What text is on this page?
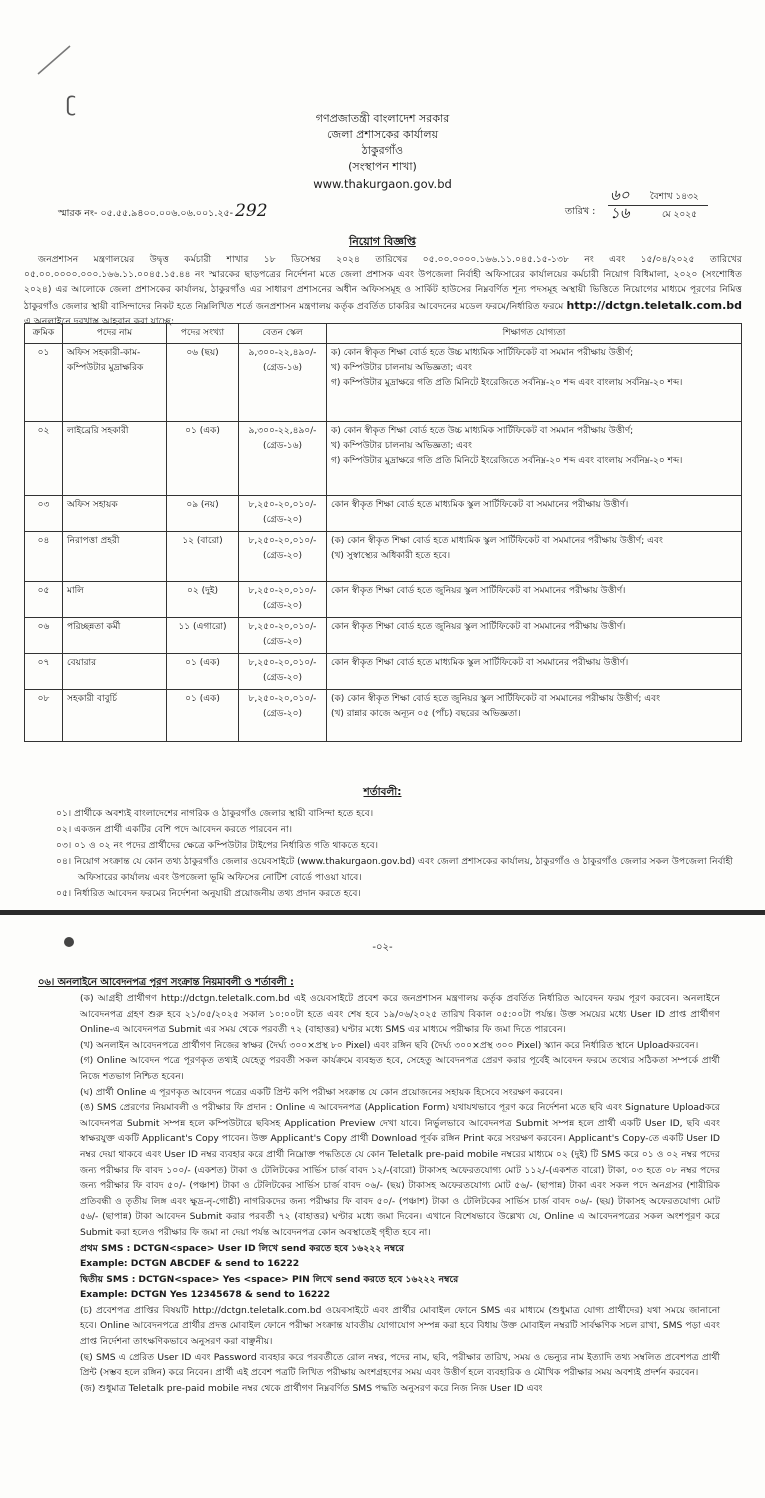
ʗ
গণপ্রজাতন্ত্রী বাংলাদেশ সরকার
জেলা প্রশাসকের কার্যালয়
ঠাকুরগাঁও
(সংস্থাপন শাখা)
www.thakurgaon.gov.bd
স্মারক নং- ০৫.৫৫.৯৪০০.০০৬.০৬.০০১.২৫- 292	তারিখ :
৬০
১৬
বৈশাখ ১৪৩২
মে ২০২৫
নিয়োগ বিজ্ঞপ্তি
জনপ্রশাসন মন্ত্রণালয়ের উদ্বৃত্ত কর্মচারী শাখার ১৮ ডিসেম্বর ২০২৪ তারিখের ০৫.০০.০০০০.১৬৬.১১.০৪৫.১৫-১৩৮ নং এবং ১৫/০৪/২০২৫ তারিখের ০৫.০০.০০০০.০০০.১৬৬.১১.০০৪৫.১৫.৪৪ নং স্মারকের ছাড়পত্রের নির্দেশনা মতে জেলা প্রশাসক এবং উপজেলা নির্বাহী অফিসারের কার্যালয়ের কর্মচারী নিয়োগ বিধিমালা, ২০২০ (সংশোধিত ২০২৪) এর আলোকে জেলা প্রশাসকের কার্যালয়, ঠাকুরগাঁও এর সাধারণ প্রশাসনের অধীন অফিসসমূহ ও সার্কিট হাউসের নিম্নবর্ণিত শূন্য পদসমূহ অস্থায়ী ভিত্তিতে নিয়োগের মাধ্যমে পূরণের নিমিত্ত ঠাকুরগাঁও জেলার স্থায়ী বাসিন্দাদের নিকট হতে নিম্নলিখিত শর্তে জনপ্রশাসন মন্ত্রণালয় কর্তৃক প্রবর্তিত চাকরির আবেদনের মডেল ফরমে/নির্ধারিত ফরমে http://dctgn.teletalk.com.bd এ অনলাইনে দরখাস্ত আহবান করা যাচ্ছে:
ক্রমিক	পদের নাম	পদের সংখ্যা	বেতন স্কেল	শিক্ষাগত যোগ্যতা
০১	অফিস সহকারী-কাম-কম্পিউটার মুদ্রাক্ষরিক	০৬ (ছয়)	৯,৩০০-২২,৪৯০/- (গ্রেড-১৬)	ক) কোন স্বীকৃত শিক্ষা বোর্ড হতে উচ্চ মাধ্যমিক সার্টিফিকেট বা সমমান পরীক্ষায় উত্তীর্ণ;
খ) কম্পিউটার চালনায় অভিজ্ঞতা; এবং
গ) কম্পিউটার মুদ্রাক্ষরে গতি প্রতি মিনিটে ইংরেজিতে সর্বনিম্ন-২০ শব্দ এবং বাংলায় সর্বনিম্ন-২০ শব্দ।

০২	লাইব্রেরি সহকারী	০১ (এক)	৯,৩০০-২২,৪৯০/- (গ্রেড-১৬)	ক) কোন স্বীকৃত শিক্ষা বোর্ড হতে উচ্চ মাধ্যমিক সার্টিফিকেট বা সমমান পরীক্ষায় উত্তীর্ণ;
খ) কম্পিউটার চালনায় অভিজ্ঞতা; এবং
গ) কম্পিউটার মুদ্রাক্ষরে গতি প্রতি মিনিটে ইংরেজিতে সর্বনিম্ন-২০ শব্দ এবং বাংলায় সর্বনিম্ন-২০ শব্দ।

০৩	অফিস সহায়ক	০৯ (নয়)	৮,২৫০-২০,০১০/- (গ্রেড-২০)	কোন স্বীকৃত শিক্ষা বোর্ড হতে মাধ্যমিক স্কুল সার্টিফিকেট বা সমমানের পরীক্ষায় উত্তীর্ণ।
০৪	নিরাপত্তা প্রহরী	১২ (বারো)	৮,২৫০-২০,০১০/- (গ্রেড-২০)	(ক) কোন স্বীকৃত শিক্ষা বোর্ড হতে মাধ্যমিক স্কুল সার্টিফিকেট বা সমমানের পরীক্ষায় উত্তীর্ণ; এবং
(খ) সুস্বাস্থ্যের অধিকারী হতে হবে।

০৫	মালি	০২ (দুই)	৮,২৫০-২০,০১০/- (গ্রেড-২০)	কোন স্বীকৃত শিক্ষা বোর্ড হতে জুনিয়র স্কুল সার্টিফিকেট বা সমমানের পরীক্ষায় উত্তীর্ণ।
০৬	পরিচ্ছন্নতা কর্মী	১১ (এগারো)	৮,২৫০-২০,০১০/- (গ্রেড-২০)	কোন স্বীকৃত শিক্ষা বোর্ড হতে জুনিয়র স্কুল সার্টিফিকেট বা সমমানের পরীক্ষায় উত্তীর্ণ।
০৭	বেয়ারার	০১ (এক)	৮,২৫০-২০,০১০/- (গ্রেড-২০)	কোন স্বীকৃত শিক্ষা বোর্ড হতে মাধ্যমিক স্কুল সার্টিফিকেট বা সমমানের পরীক্ষায় উত্তীর্ণ।
০৮	সহকারী বাবুর্চি	০১ (এক)	৮,২৫০-২০,০১০/- (গ্রেড-২০)	(ক) কোন স্বীকৃত শিক্ষা বোর্ড হতে জুনিয়র স্কুল সার্টিফিকেট বা সমমানের পরীক্ষায় উত্তীর্ণ; এবং
(খ) রান্নার কাজে অন্যূন ০৫ (পাঁচ) বছরের অভিজ্ঞতা।
শর্তাবলী:
০১। প্রার্থীকে অবশ্যই বাংলাদেশের নাগরিক ও ঠাকুরগাঁও জেলার স্থায়ী বাসিন্দা হতে হবে।
০২। একজন প্রার্থী একটির বেশি পদে আবেদন করতে পারবেন না।
০৩। ০১ ও ০২ নং পদের প্রার্থীদের ক্ষেত্রে কম্পিউটার টাইপের নির্ধারিত গতি থাকতে হবে।
০৪। নিয়োগ সংক্রান্ত যে কোন তথ্য ঠাকুরগাঁও জেলার ওয়েবসাইটে (www.thakurgaon.gov.bd) এবং জেলা প্রশাসকের কার্যালয়, ঠাকুরগাঁও ও ঠাকুরগাঁও জেলার সকল উপজেলা নির্বাহী অফিসারের কার্যালয় এবং উপজেলা ভূমি অফিসের নোটিশ বোর্ডে পাওয়া যাবে।
০৫। নির্ধারিত আবেদন ফরমের নির্দেশনা অনুযায়ী প্রয়োজনীয় তথ্য প্রদান করতে হবে।
-০২-
০৬। অনলাইনে আবেদনপত্র পূরণ সংক্রান্ত নিয়মাবলী ও শর্তাবলী :
(ক) আগ্রহী প্রার্থীগণ http://dctgn.teletalk.com.bd এই ওয়েবসাইটে প্রবেশ করে জনপ্রশাসন মন্ত্রণালয় কর্তৃক প্রবর্তিত নির্ধারিত আবেদন ফরম পূরণ করবেন। অনলাইনে আবেদনপত্র গ্রহণ শুরু হবে ২১/০৫/২০২৫ সকাল ১০:০০টা হতে এবং শেষ হবে ১৯/০৬/২০২৫ তারিখ বিকাল ০৫:০০টা পর্যন্ত। উক্ত সময়ের মধ্যে User ID প্রাপ্ত প্রার্থীগণ Online-এ আবেদনপত্র Submit এর সময় থেকে পরবর্তী ৭২ (বাহাত্তর) ঘণ্টার মধ্যে SMS এর মাধ্যমে পরীক্ষার ফি জমা দিতে পারবেন।
(খ) অনলাইন আবেদনপত্রে প্রার্থীগণ নিজের স্বাক্ষর (দৈর্ঘ্য ৩০০×প্রস্থ ৮০ Pixel) এবং রঙ্গিন ছবি (দৈর্ঘ্য ৩০০×প্রস্থ ৩০০ Pixel) স্ক্যান করে নির্ধারিত স্থানে Uploadকরবেন।
(গ) Online আবেদন পত্রে পূরণকৃত তথ্যই যেহেতু পরবর্তী সকল কার্যক্রমে ব্যবহৃত হবে, সেহেতু আবেদনপত্র প্রেরণ করার পূর্বেই আবেদন ফরমে তথ্যের সঠিকতা সম্পর্কে প্রার্থী নিজে শতভাগ নিশ্চিত হবেন।
(ঘ) প্রার্থী Online এ পূরণকৃত আবেদন পত্রের একটি প্রিন্ট কপি পরীক্ষা সংক্রান্ত যে কোন প্রয়োজনের সহায়ক হিসেবে সংরক্ষণ করবেন।
(ঙ) SMS প্রেরণের নিয়মাবলী ও পরীক্ষার ফি প্রদান : Online এ আবেদনপত্র (Application Form) যথাযথভাবে পূরণ করে নির্দেশনা মতে ছবি এবং Signature Uploadকরে আবেদনপত্র Submit সম্পন্ন হলে কম্পিউটারে ছবিসহ Application Preview দেখা যাবে। নির্ভুলভাবে আবেদনপত্র Submit সম্পন্ন হলে প্রার্থী একটি User ID, ছবি এবং স্বাক্ষরযুক্ত একটি Applicant's Copy পাবেন। উক্ত Applicant's Copy প্রার্থী Download পূর্বক রঙ্গিন Print করে সংরক্ষণ করবেন। Applicant's Copy-তে একটি User ID নম্বর দেয়া থাকবে এবং User ID নম্বর ব্যবহার করে প্রার্থী নিম্নোক্ত পদ্ধতিতে যে কোন Teletalk pre-paid mobile নম্বরের মাধ্যমে ০২ (দুই) টি SMS করে ০১ ও ০২ নম্বর পদের জন্য পরীক্ষার ফি বাবদ ১০০/- (একশত) টাকা ও টেলিটকের সার্ভিস চার্জ বাবদ ১২/-(বারো) টাকাসহ অফেরতযোগ্য মোট ১১২/-(একশত বারো) টাকা, ০৩ হতে ০৮ নম্বর পদের জন্য পরীক্ষার ফি বাবদ ৫০/- (পঞ্চাশ) টাকা ও টেলিটকের সার্ভিস চার্জ বাবদ ০৬/- (ছয়) টাকাসহ অফেরতযোগ্য মোট ৫৬/- (ছাপান্ন) টাকা এবং সকল পদে অনগ্রসর (শারীরিক প্রতিবন্ধী ও তৃতীয় লিঙ্গ এবং ক্ষুদ্র-নৃ-গোষ্ঠী) নাগরিকদের জন্য পরীক্ষার ফি বাবদ ৫০/- (পঞ্চাশ) টাকা ও টেলিটকের সার্ভিস চার্জ বাবদ ০৬/- (ছয়) টাকাসহ অফেরতযোগ্য মোট ৫৬/- (ছাপান্ন) টাকা আবেদন Submit করার পরবর্তী ৭২ (বাহাত্তর) ঘণ্টার মধ্যে জমা দিবেন। এখানে বিশেষভাবে উল্লেখ্য যে, Online এ আবেদনপত্রের সকল অংশপূরণ করে Submit করা হলেও পরীক্ষার ফি জমা না দেয়া পর্যন্ত আবেদনপত্র কোন অবস্থাতেই গৃহীত হবে না।
প্রথম SMS : DCTGN<space> User ID লিখে send করতে হবে ১৬২২২ নম্বরে
Example: DCTGN ABCDEF & send to 16222
দ্বিতীয় SMS : DCTGN<space> Yes <space> PIN লিখে send করতে হবে ১৬২২২ নম্বরে
Example: DCTGN Yes 12345678 & send to 16222
(চ) প্রবেশপত্র প্রাপ্তির বিষয়টি http://dctgn.teletalk.com.bd ওয়েবসাইটে এবং প্রার্থীর মোবাইল ফোনে SMS এর মাধ্যমে (শুধুমাত্র যোগ্য প্রার্থীদের) যথা সময়ে জানানো হবে। Online আবেদনপত্রে প্রার্থীর প্রদত্ত মোবাইল ফোনে পরীক্ষা সংক্রান্ত যাবতীয় যোগাযোগ সম্পন্ন করা হবে বিধায় উক্ত মোবাইল নম্বরটি সার্বক্ষণিক সচল রাখা, SMS পড়া এবং প্রাপ্ত নির্দেশনা তাৎক্ষণিকভাবে অনুসরণ করা বাঞ্ছনীয়।
(ছ) SMS এ প্রেরিত User ID এবং Password ব্যবহার করে পরবর্তীতে রোল নম্বর, পদের নাম, ছবি, পরীক্ষার তারিখ, সময় ও ভেন্যুর নাম ইত্যাদি তথ্য সম্বলিত প্রবেশপত্র প্রার্থী প্রিন্ট (সম্ভব হলে রঙ্গিন) করে নিবেন। প্রার্থী এই প্রবেশ পত্রটি লিখিত পরীক্ষায় অংশগ্রহণের সময় এবং উত্তীর্ণ হলে ব্যবহারিক ও মৌখিক পরীক্ষার সময় অবশ্যই প্রদর্শন করবেন।
(জ) শুধুমাত্র Teletalk pre-paid mobile নম্বর থেকে প্রার্থীগণ নিম্নবর্ণিত SMS পদ্ধতি অনুসরণ করে নিজ নিজ User ID এবং
